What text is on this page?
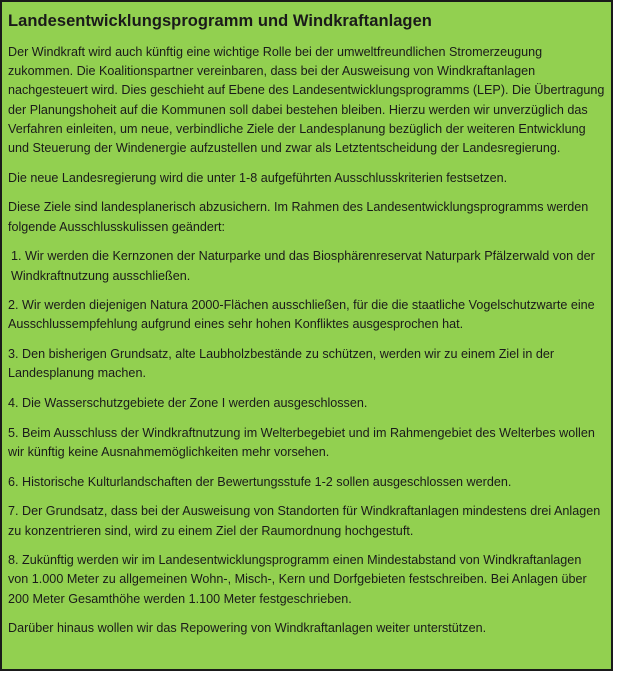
Landesentwicklungsprogramm und Windkraftanlagen

Der Windkraft wird auch künftig eine wichtige Rolle bei der umweltfreundlichen Stromerzeugung zukommen. Die Koalitionspartner vereinbaren, dass bei der Ausweisung von Windkraftanlagen nachgesteuert wird. Dies geschieht auf Ebene des Landesentwicklungsprogramms (LEP). Die Übertragung der Planungshoheit auf die Kommunen soll dabei bestehen bleiben. Hierzu werden wir unverzüglich das Verfahren einleiten, um neue, verbindliche Ziele der Landesplanung bezüglich der weiteren Entwicklung und Steuerung der Windenergie aufzustellen und zwar als Letztentscheidung der Landesregierung.

Die neue Landesregierung wird die unter 1-8 aufgeführten Ausschlusskriterien festsetzen.

Diese Ziele sind landesplanerisch abzusichern. Im Rahmen des Landesentwicklungsprogramms werden folgende Ausschlusskulissen geändert:

1. Wir werden die Kernzonen der Naturparke und das Biosphärenreservat Naturpark Pfälzerwald von der Windkraftnutzung ausschließen.

2. Wir werden diejenigen Natura 2000-Flächen ausschließen, für die die staatliche Vogelschutzwarte eine Ausschlussempfehlung aufgrund eines sehr hohen Konfliktes ausgesprochen hat.

3. Den bisherigen Grundsatz, alte Laubholzbestände zu schützen, werden wir zu einem Ziel in der Landesplanung machen.

4. Die Wasserschutzgebiete der Zone I werden ausgeschlossen.

5. Beim Ausschluss der Windkraftnutzung im Welterbegebiet und im Rahmengebiet des Welterbes wollen wir künftig keine Ausnahmemöglichkeiten mehr vorsehen.

6. Historische Kulturlandschaften der Bewertungsstufe 1-2 sollen ausgeschlossen werden.

7. Der Grundsatz, dass bei der Ausweisung von Standorten für Windkraftanlagen mindestens drei Anlagen zu konzentrieren sind, wird zu einem Ziel der Raumordnung hochgestuft.

8. Zukünftig werden wir im Landesentwicklungsprogramm einen Mindestabstand von Windkraftanlagen von 1.000 Meter zu allgemeinen Wohn-, Misch-, Kern und Dorfgebieten festschreiben. Bei Anlagen über 200 Meter Gesamthöhe werden 1.100 Meter festgeschrieben.

Darüber hinaus wollen wir das Repowering von Windkraftanlagen weiter unterstützen.
